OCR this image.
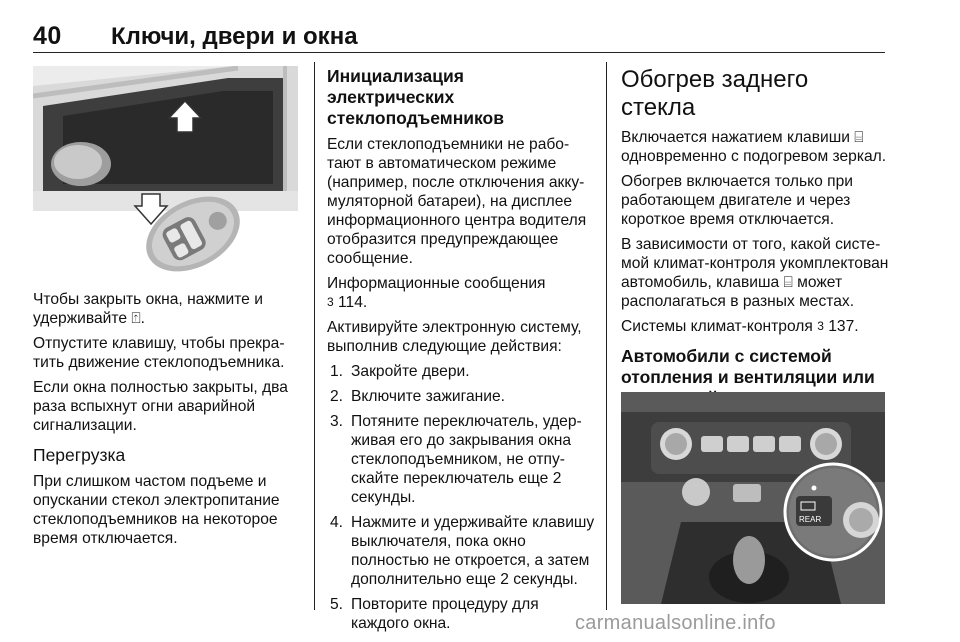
40 Ключи, двери и окна

Чтобы закрыть окна, нажмите и удерживайте ⍐.

Отпустите клавишу, чтобы прекратить движение стеклоподъемника.

Если окна полностью закрыты, два раза вспыхнут огни аварийной сигнализации.

Перегрузка

При слишком частом подъеме и опускании стекол электропитание стеклоподъемников на некоторое время отключается.

Инициализация электрических стеклоподъемников

Если стеклоподъемники не работают в автоматическом режиме (например, после отключения аккумуляторной батареи), на дисплее информационного центра водителя отобразится предупреждающее сообщение.

Информационные сообщения
3 114.

Активируйте электронную систему, выполнив следующие действия:

1. Закройте двери.
2. Включите зажигание.
3. Потяните переключатель, удерживая его до закрывания окна стеклоподъемником, не отпускайте переключатель еще 2 секунды.
4. Нажмите и удерживайте клавишу выключателя, пока окно полностью не откроется, а затем дополнительно еще 2 секунды.
5. Повторите процедуру для каждого окна.
Обогрев заднего стекла

Включается нажатием клавиши ⌸ одновременно с подогревом зеркал.

Обогрев включается только при работающем двигателе и через короткое время отключается.

В зависимости от того, какой системой климат-контроля укомплектован автомобиль, клавиша ⌸ может располагаться в разных местах.

Системы климат-контроля 3 137.

Автомобили с системой отопления и вентиляции или
REAR
carmanualsonline.info
